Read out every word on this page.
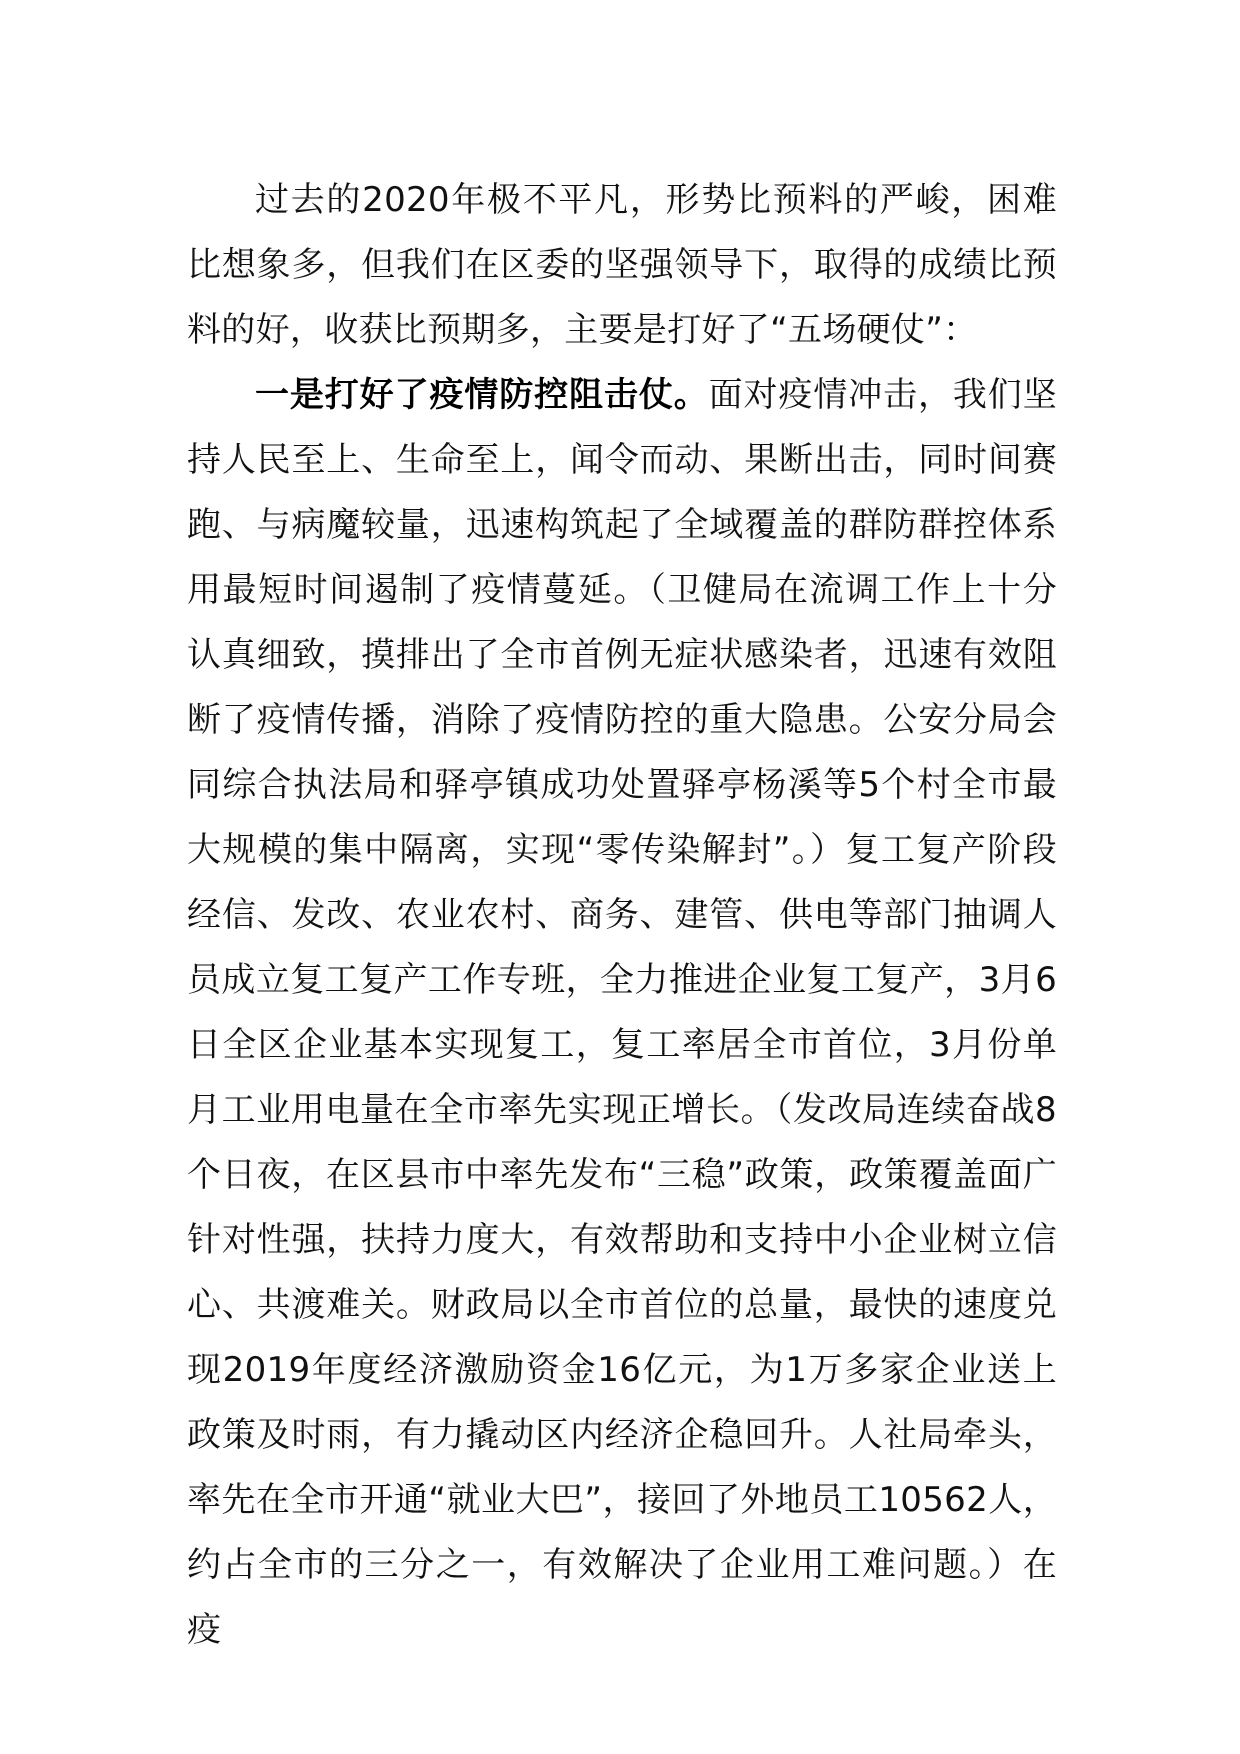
过去的2020年极不平凡，形势比预料的严峻，困难比想象多，但我们在区委的坚强领导下，取得的成绩比预料的好，收获比预期多，主要是打好了“五场硬仗”：

一是打好了疫情防控阻击仗。面对疫情冲击，我们坚持人民至上、生命至上，闻令而动、果断出击，同时间赛跑、与病魔较量，迅速构筑起了全域覆盖的群防群控体系用最短时间遏制了疫情蔓延。（卫健局在流调工作上十分认真细致，摸排出了全市首例无症状感染者，迅速有效阻断了疫情传播，消除了疫情防控的重大隐患。公安分局会同综合执法局和驿亭镇成功处置驿亭杨溪等5个村全市最大规模的集中隔离，实现“零传染解封”。）复工复产阶段经信、发改、农业农村、商务、建管、供电等部门抽调人员成立复工复产工作专班，全力推进企业复工复产，3月6日全区企业基本实现复工，复工率居全市首位，3月份单月工业用电量在全市率先实现正增长。（发改局连续奋战8个日夜，在区县市中率先发布“三稳”政策，政策覆盖面广针对性强，扶持力度大，有效帮助和支持中小企业树立信心、共渡难关。财政局以全市首位的总量，最快的速度兑现2019年度经济激励资金16亿元，为1万多家企业送上政策及时雨，有力撬动区内经济企稳回升。人社局牵头，率先在全市开通“就业大巴”，接回了外地员工10562人，约占全市的三分之一，有效解决了企业用工难问题。）在疫
